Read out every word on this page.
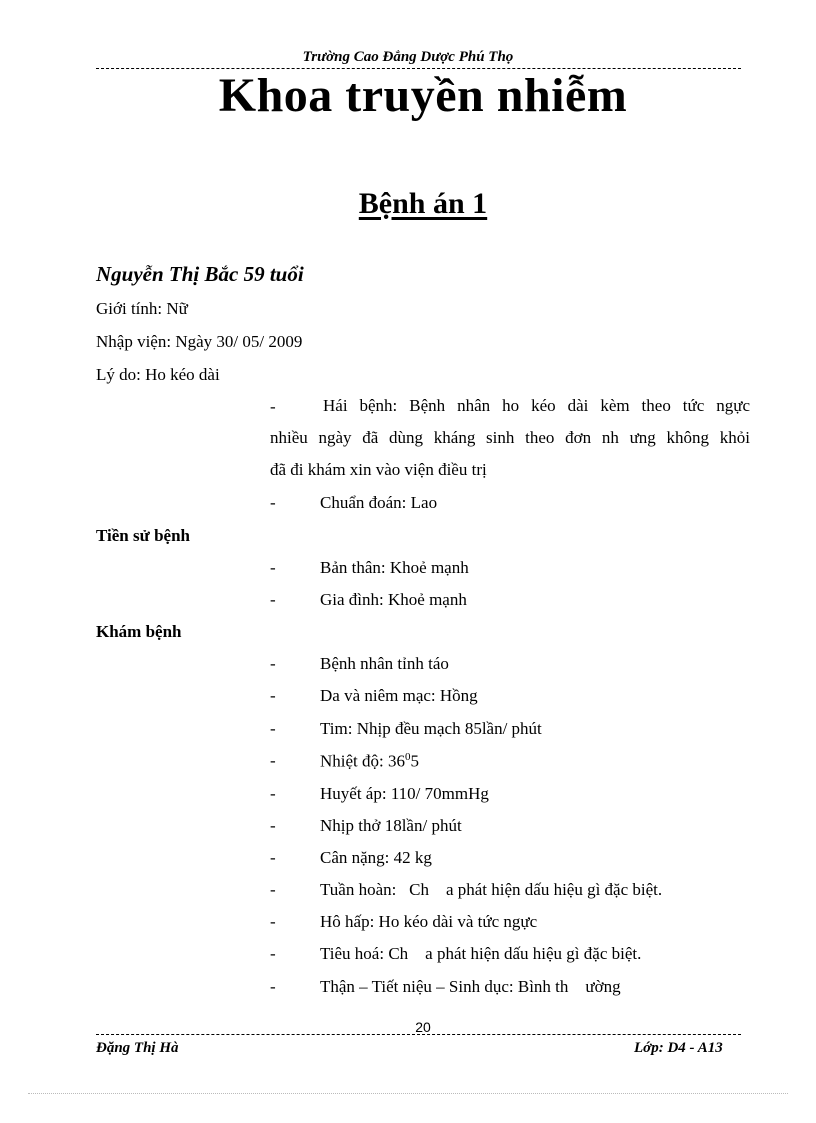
Trường Cao Đẳng Dược Phú Thọ
Khoa truyền nhiễm
Bệnh án 1
Nguyễn Thị Bắc 59 tuổi
Giới tính: Nữ
Nhập viện: Ngày 30/ 05/ 2009
Lý do: Ho kéo dài
-	Hái bệnh: Bệnh nhân ho kéo dài kèm theo tức ngực
nhiều ngày đã dùng kháng sinh theo đơn nh ưng không khỏi
đã đi khám xin vào viện điều trị
-	Chuẩn đoán: Lao
Tiền sử bệnh
-	Bản thân: Khoẻ mạnh
-	Gia đình: Khoẻ mạnh
Khám bệnh
-	Bệnh nhân tỉnh táo
-	Da và niêm mạc: Hồng
-	Tim: Nhịp đều mạch 85lần/ phút
-	Nhiệt độ: $36^05$
-	Huyết áp: 110/ 70mmHg
-	Nhịp thở 18lần/ phút
-	Cân nặng: 42 kg
-	Tuần hoàn:   Ch    a phát hiện dấu hiệu gì đặc biệt.
-	Hô hấp: Ho kéo dài và tức ngực
-	Tiêu hoá: Ch    a phát hiện dấu hiệu gì đặc biệt.
-	Thận – Tiết niệu – Sinh dục: Bình th    ường
20
Đặng Thị Hà	Lớp: D4 - A13
